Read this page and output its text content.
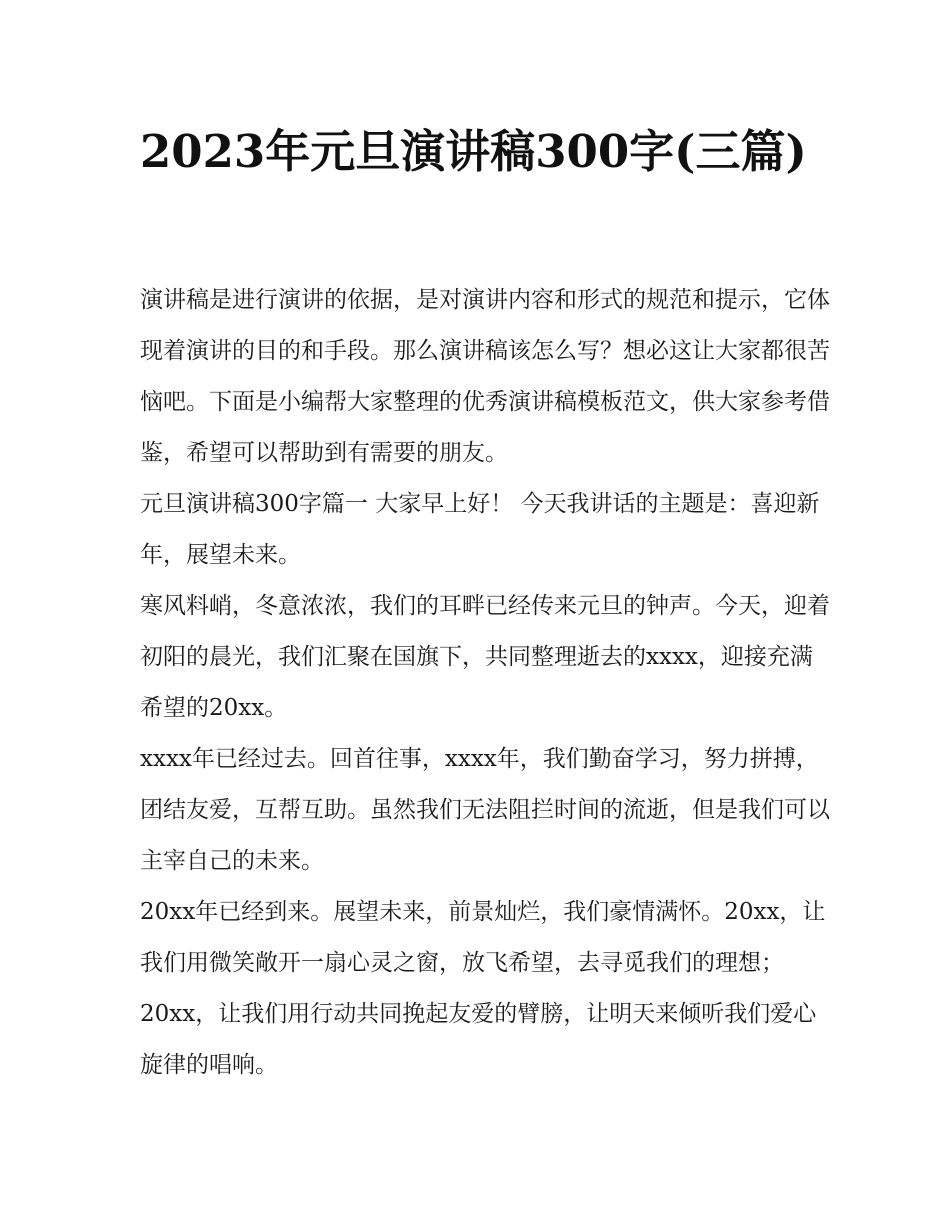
2023年元旦演讲稿300字(三篇)

演讲稿是进行演讲的依据，是对演讲内容和形式的规范和提示，它体现着演讲的目的和手段。那么演讲稿该怎么写？想必这让大家都很苦恼吧。下面是小编帮大家整理的优秀演讲稿模板范文，供大家参考借鉴，希望可以帮助到有需要的朋友。

元旦演讲稿300字篇一 大家早上好！ 今天我讲话的主题是：喜迎新年，展望未来。

寒风料峭，冬意浓浓，我们的耳畔已经传来元旦的钟声。今天，迎着初阳的晨光，我们汇聚在国旗下，共同整理逝去的xxxx，迎接充满希望的20xx。

xxxx年已经过去。回首往事，xxxx年，我们勤奋学习，努力拼搏，团结友爱，互帮互助。虽然我们无法阻拦时间的流逝，但是我们可以主宰自己的未来。

20xx年已经到来。展望未来，前景灿烂，我们豪情满怀。20xx，让我们用微笑敞开一扇心灵之窗，放飞希望，去寻觅我们的理想；20xx，让我们用行动共同挽起友爱的臂膀，让明天来倾听我们爱心旋律的唱响。
